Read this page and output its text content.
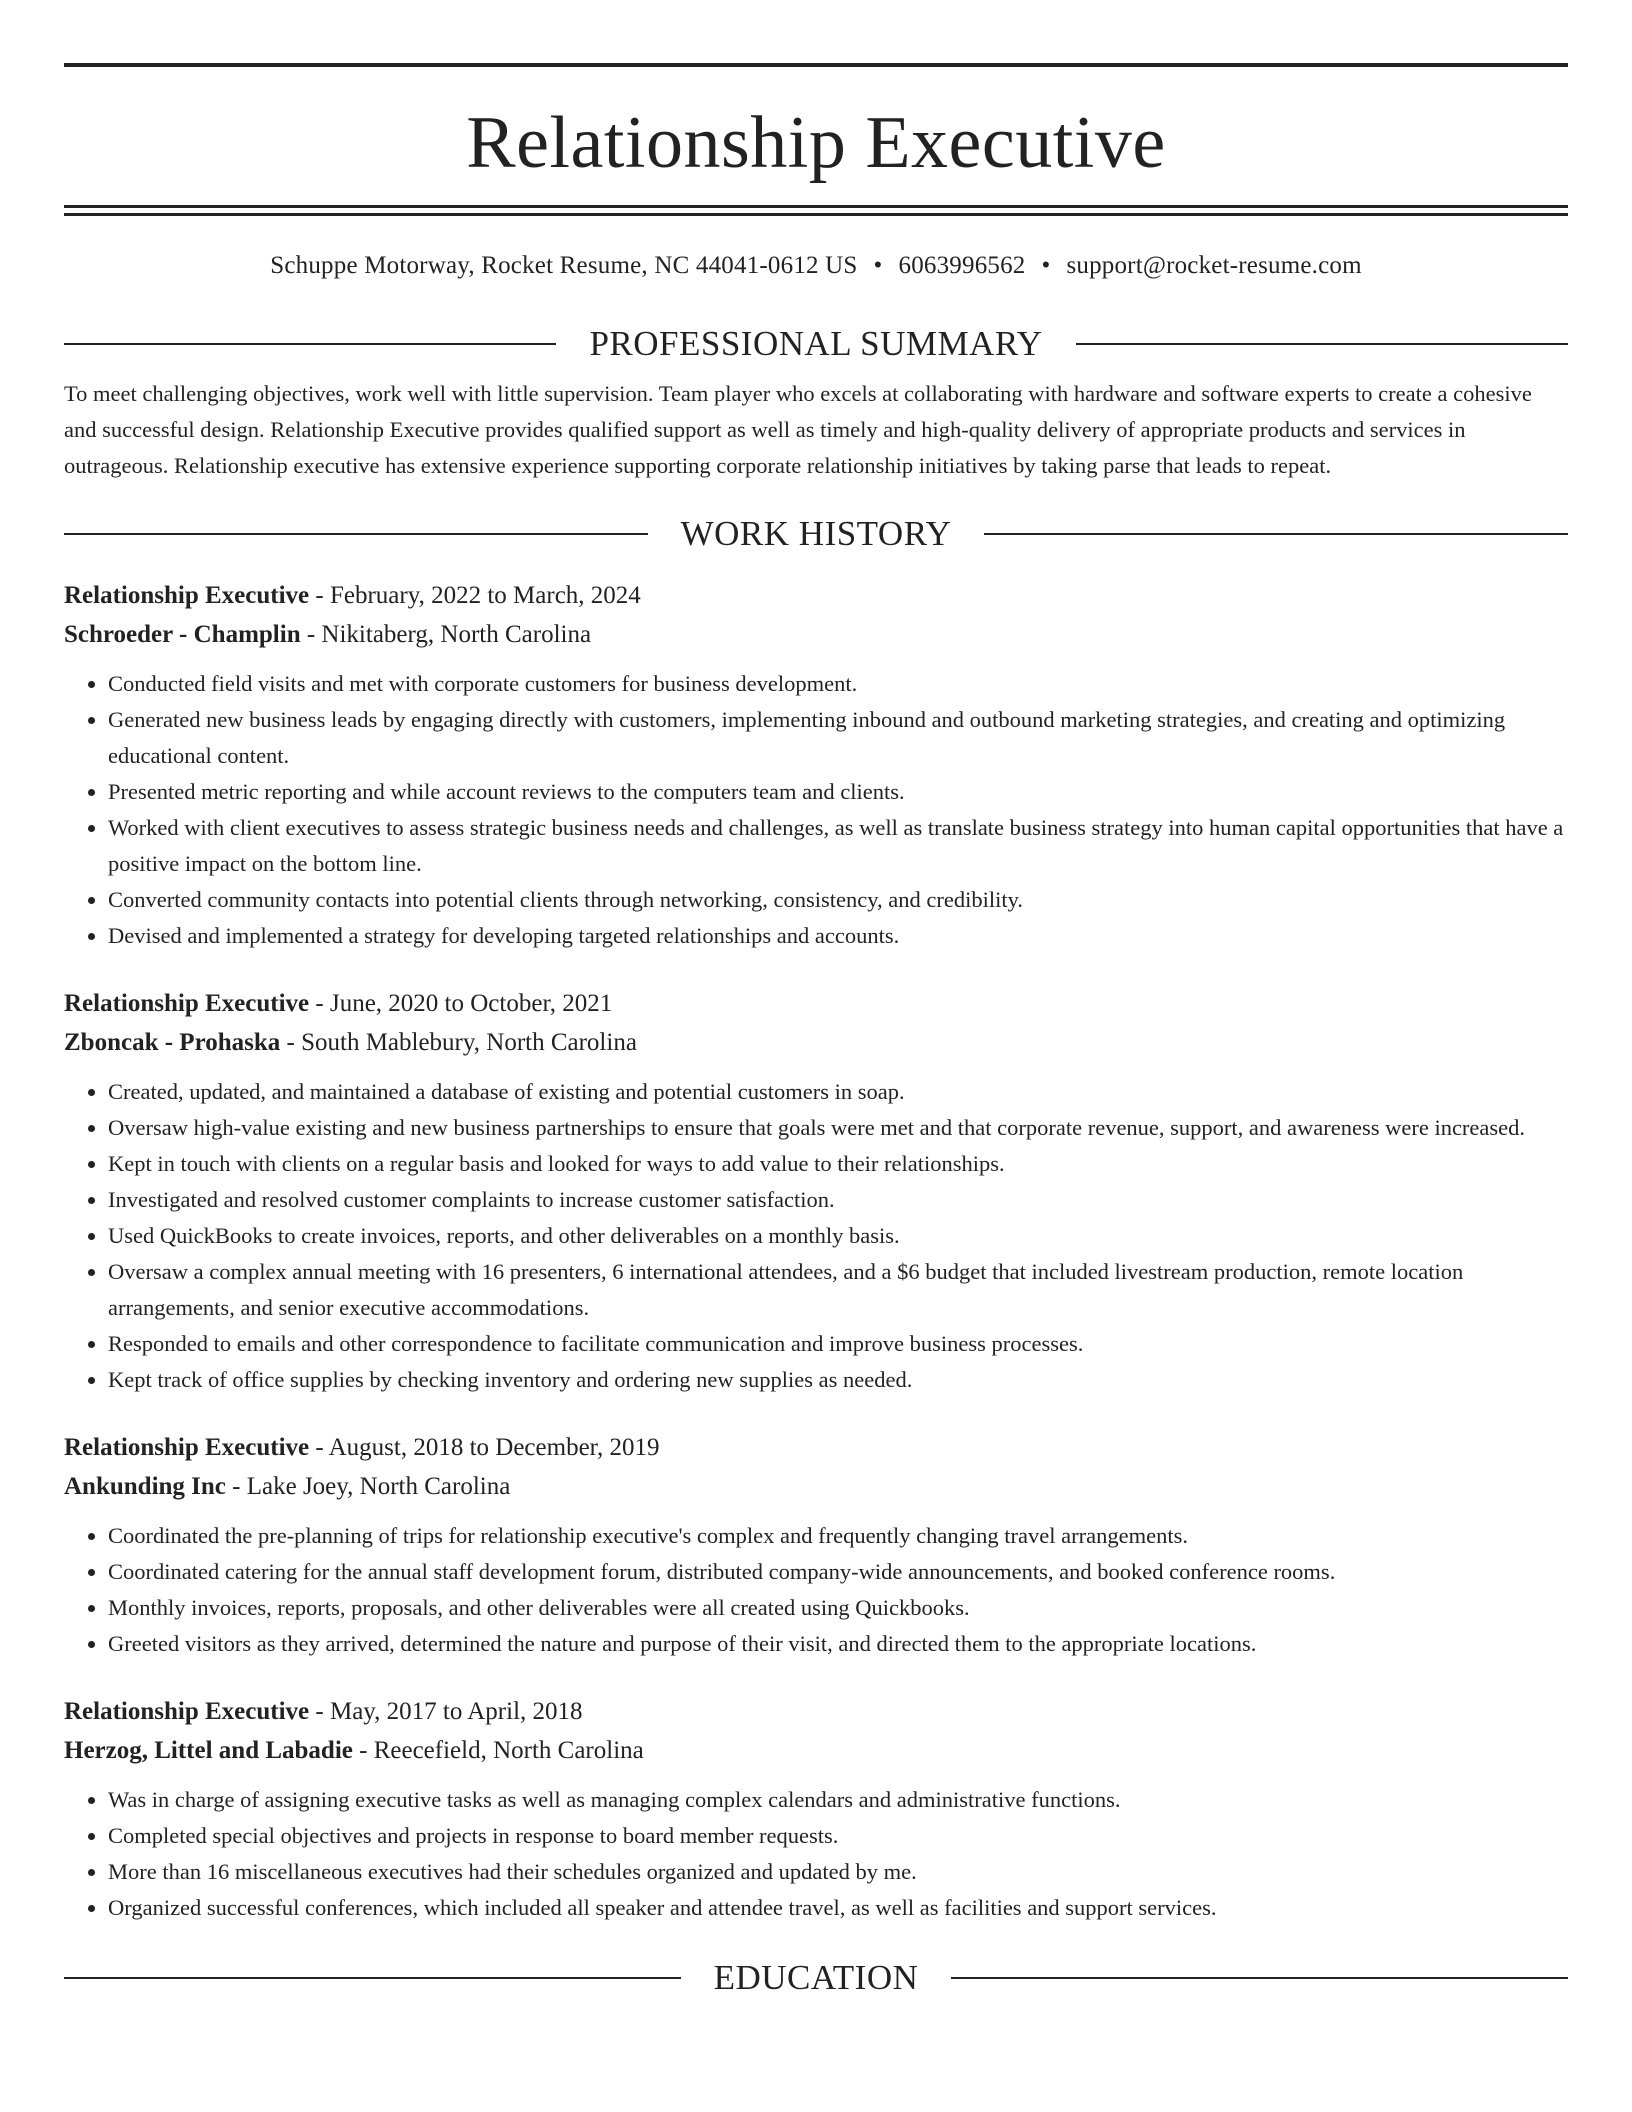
Relationship Executive
Schuppe Motorway, Rocket Resume, NC 44041-0612 US • 6063996562 • support@rocket-resume.com
PROFESSIONAL SUMMARY
To meet challenging objectives, work well with little supervision. Team player who excels at collaborating with hardware and software experts to create a cohesive and successful design. Relationship Executive provides qualified support as well as timely and high-quality delivery of appropriate products and services in outrageous. Relationship executive has extensive experience supporting corporate relationship initiatives by taking parse that leads to repeat.
WORK HISTORY
Relationship Executive - February, 2022 to March, 2024
Schroeder - Champlin - Nikitaberg, North Carolina
• Conducted field visits and met with corporate customers for business development.
• Generated new business leads by engaging directly with customers, implementing inbound and outbound marketing strategies, and creating and optimizing educational content.
• Presented metric reporting and while account reviews to the computers team and clients.
• Worked with client executives to assess strategic business needs and challenges, as well as translate business strategy into human capital opportunities that have a positive impact on the bottom line.
• Converted community contacts into potential clients through networking, consistency, and credibility.
• Devised and implemented a strategy for developing targeted relationships and accounts.
Relationship Executive - June, 2020 to October, 2021
Zboncak - Prohaska - South Mablebury, North Carolina
• Created, updated, and maintained a database of existing and potential customers in soap.
• Oversaw high-value existing and new business partnerships to ensure that goals were met and that corporate revenue, support, and awareness were increased.
• Kept in touch with clients on a regular basis and looked for ways to add value to their relationships.
• Investigated and resolved customer complaints to increase customer satisfaction.
• Used QuickBooks to create invoices, reports, and other deliverables on a monthly basis.
• Oversaw a complex annual meeting with 16 presenters, 6 international attendees, and a $6 budget that included livestream production, remote location arrangements, and senior executive accommodations.
• Responded to emails and other correspondence to facilitate communication and improve business processes.
• Kept track of office supplies by checking inventory and ordering new supplies as needed.
Relationship Executive - August, 2018 to December, 2019
Ankunding Inc - Lake Joey, North Carolina
• Coordinated the pre-planning of trips for relationship executive's complex and frequently changing travel arrangements.
• Coordinated catering for the annual staff development forum, distributed company-wide announcements, and booked conference rooms.
• Monthly invoices, reports, proposals, and other deliverables were all created using Quickbooks.
• Greeted visitors as they arrived, determined the nature and purpose of their visit, and directed them to the appropriate locations.
Relationship Executive - May, 2017 to April, 2018
Herzog, Littel and Labadie - Reecefield, North Carolina
• Was in charge of assigning executive tasks as well as managing complex calendars and administrative functions.
• Completed special objectives and projects in response to board member requests.
• More than 16 miscellaneous executives had their schedules organized and updated by me.
• Organized successful conferences, which included all speaker and attendee travel, as well as facilities and support services.
EDUCATION
